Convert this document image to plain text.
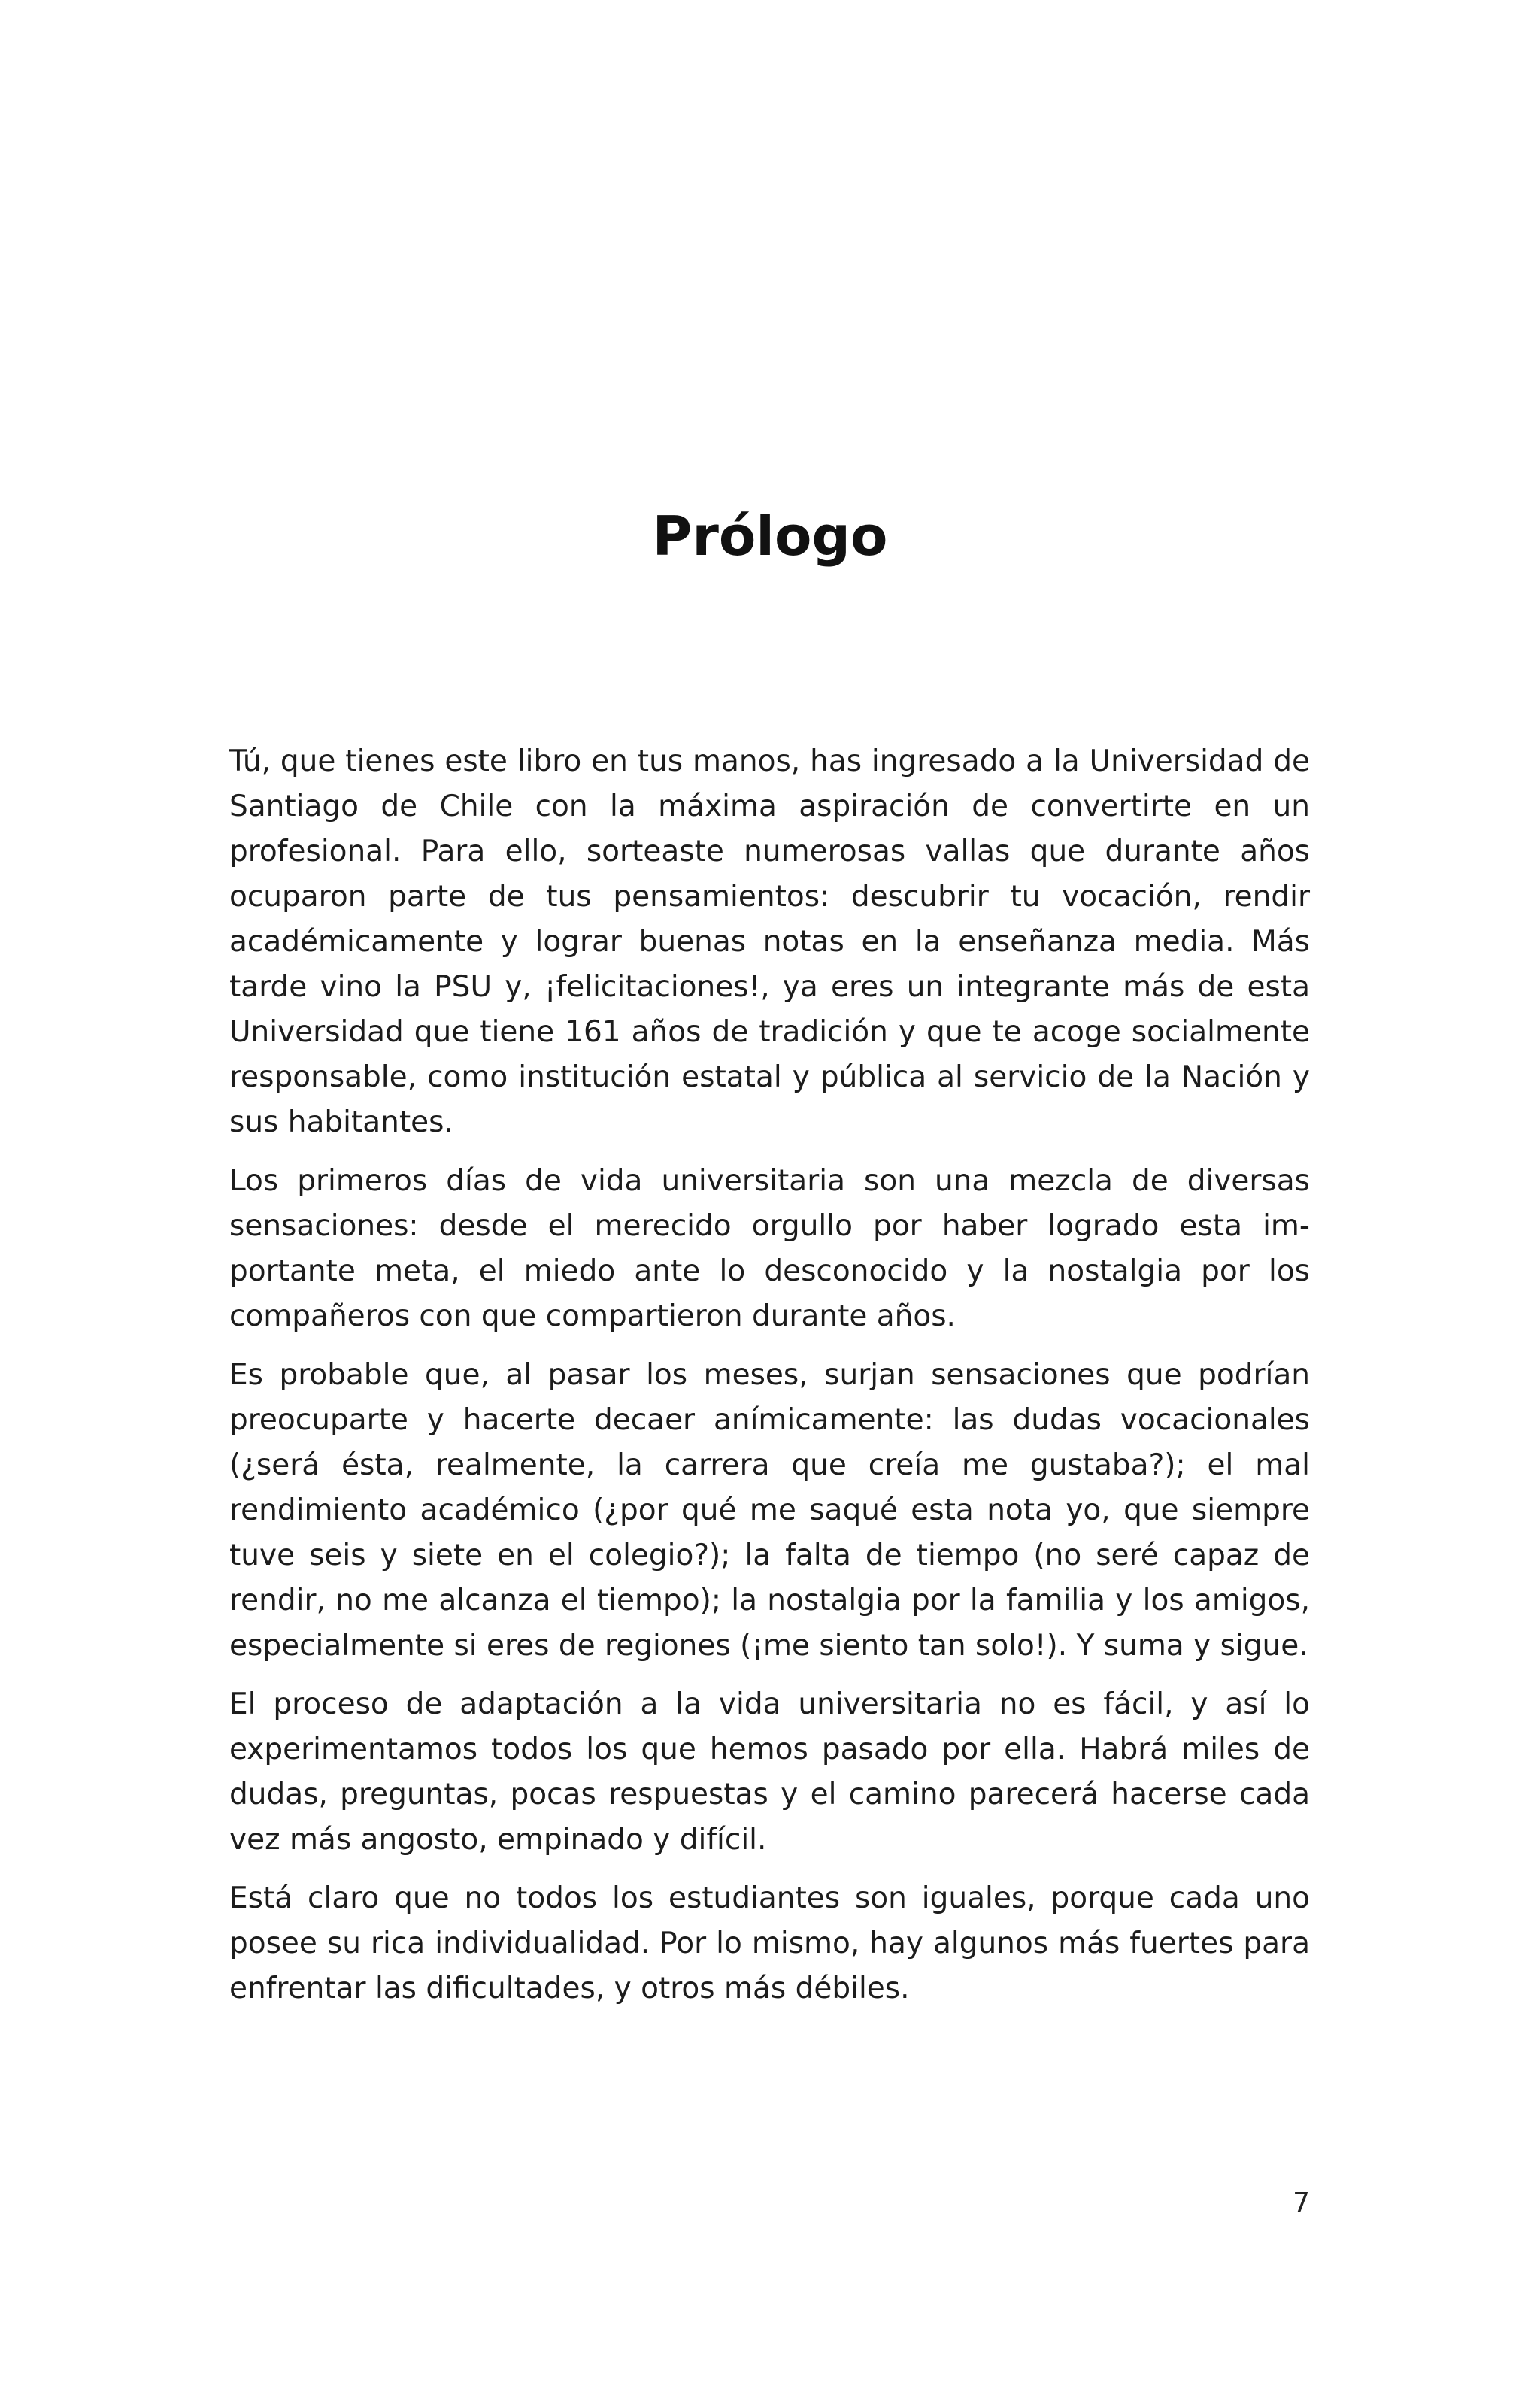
Prólogo

Tú, que tienes este libro en tus manos, has ingresado a la Universidad de Santiago de Chile con la máxima aspiración de convertirte en un profesional. Para ello, sorteaste numerosas vallas que durante años ocuparon parte de tus pensamientos: descubrir tu vocación, rendir académicamente y lograr buenas notas en la enseñanza media. Más tarde vino la PSU y, ¡felicitaciones!, ya eres un integrante más de esta Universidad que tiene 161 años de tradición y que te acoge socialmente responsable, como institución estatal y pública al servicio de la Nación y sus habitantes.

Los primeros días de vida universitaria son una mezcla de diversas sensaciones: desde el merecido orgullo por haber logrado esta importante meta, el miedo ante lo desconocido y la nostalgia por los compañeros con que compartieron durante años.

Es probable que, al pasar los meses, surjan sensaciones que podrían preocuparte y hacerte decaer anímicamente: las dudas vocacionales (¿será ésta, realmente, la carrera que creía me gustaba?); el mal rendimiento académico (¿por qué me saqué esta nota yo, que siempre tuve seis y siete en el colegio?); la falta de tiempo (no seré capaz de rendir, no me alcanza el tiempo); la nostalgia por la familia y los amigos, especialmente si eres de regiones (¡me siento tan solo!). Y suma y sigue.

El proceso de adaptación a la vida universitaria no es fácil, y así lo experimentamos todos los que hemos pasado por ella. Habrá miles de dudas, preguntas, pocas respuestas y el camino parecerá hacerse cada vez más angosto, empinado y difícil.

Está claro que no todos los estudiantes son iguales, porque cada uno posee su rica individualidad. Por lo mismo, hay algunos más fuertes para enfrentar las dificultades, y otros más débiles.

7
